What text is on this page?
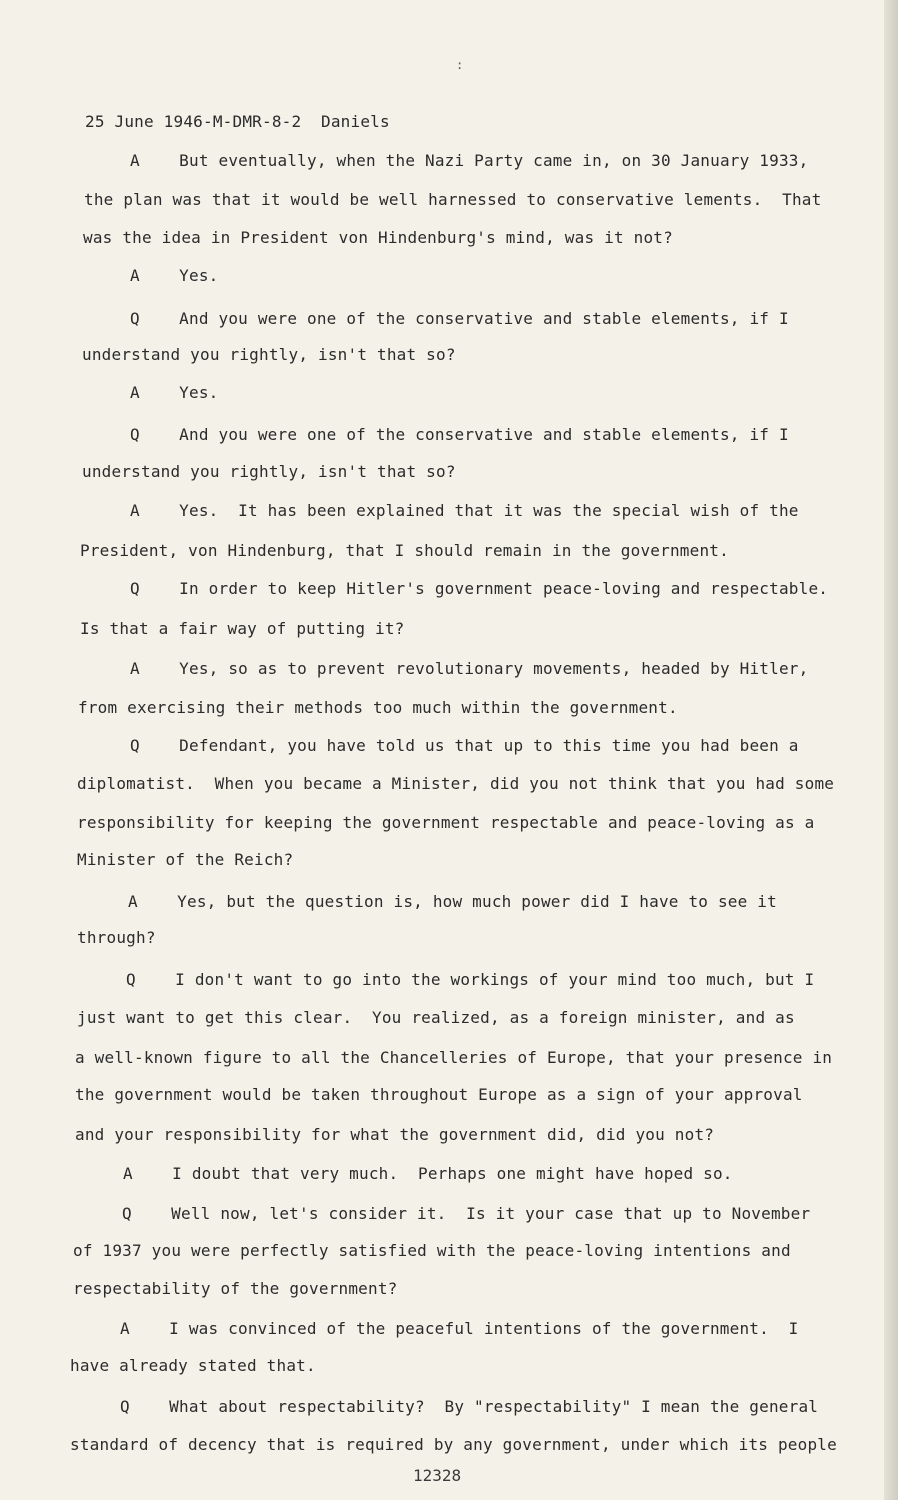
:
25 June 1946-M-DMR-8-2  Daniels
A    But eventually, when the Nazi Party came in, on 30 January 1933,
the plan was that it would be well harnessed to conservative lements.  That
was the idea in President von Hindenburg's mind, was it not?
A    Yes.
Q    And you were one of the conservative and stable elements, if I
understand you rightly, isn't that so?
A    Yes.
Q    And you were one of the conservative and stable elements, if I
understand you rightly, isn't that so?
A    Yes.  It has been explained that it was the special wish of the
President, von Hindenburg, that I should remain in the government.
Q    In order to keep Hitler's government peace-loving and respectable.
Is that a fair way of putting it?
A    Yes, so as to prevent revolutionary movements, headed by Hitler,
from exercising their methods too much within the government.
Q    Defendant, you have told us that up to this time you had been a
diplomatist.  When you became a Minister, did you not think that you had some
responsibility for keeping the government respectable and peace-loving as a
Minister of the Reich?
A    Yes, but the question is, how much power did I have to see it
through?
Q    I don't want to go into the workings of your mind too much, but I
just want to get this clear.  You realized, as a foreign minister, and as
a well-known figure to all the Chancelleries of Europe, that your presence in
the government would be taken throughout Europe as a sign of your approval
and your responsibility for what the government did, did you not?
A    I doubt that very much.  Perhaps one might have hoped so.
Q    Well now, let's consider it.  Is it your case that up to November
of 1937 you were perfectly satisfied with the peace-loving intentions and
respectability of the government?
A    I was convinced of the peaceful intentions of the government.  I
have already stated that.
Q    What about respectability?  By "respectability" I mean the general
standard of decency that is required by any government, under which its people
12328
